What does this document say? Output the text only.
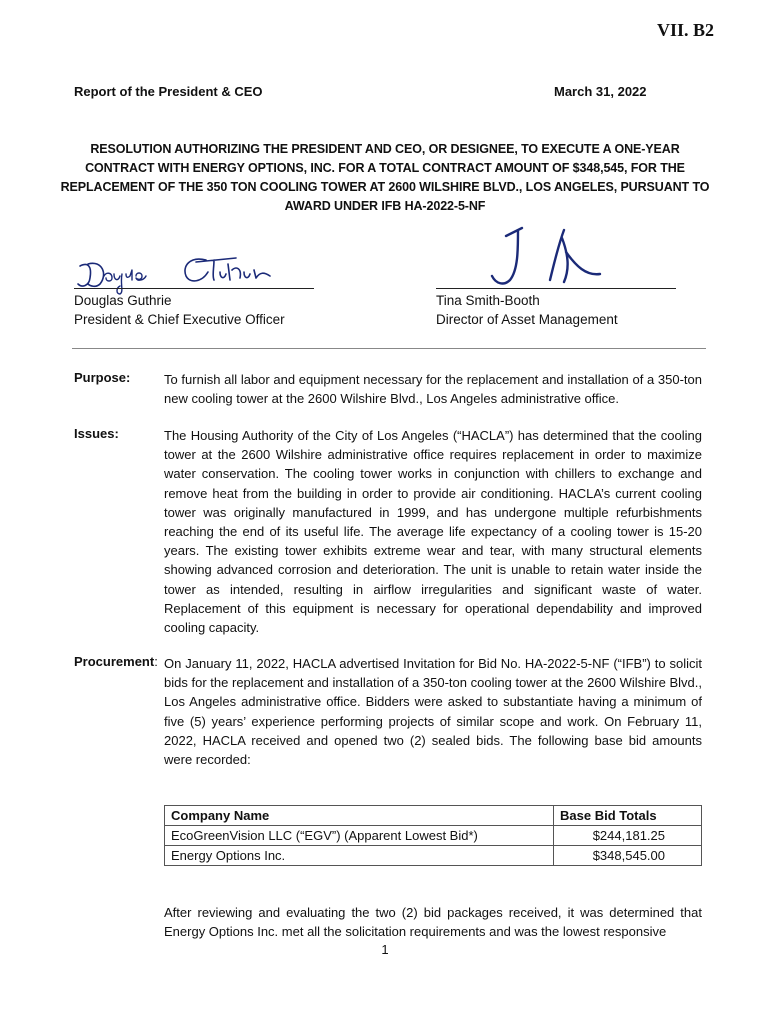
VII. B2
Report of the President & CEO	March 31, 2022
RESOLUTION AUTHORIZING THE PRESIDENT AND CEO, OR DESIGNEE, TO EXECUTE A ONE-YEAR CONTRACT WITH ENERGY OPTIONS, INC. FOR A TOTAL CONTRACT AMOUNT OF $348,545, FOR THE REPLACEMENT OF THE 350 TON COOLING TOWER AT 2600 WILSHIRE BLVD., LOS ANGELES, PURSUANT TO AWARD UNDER IFB HA-2022-5-NF
Douglas Guthrie
President & Chief Executive Officer
Tina Smith-Booth
Director of Asset Management
Purpose:	To furnish all labor and equipment necessary for the replacement and installation of a 350-ton new cooling tower at the 2600 Wilshire Blvd., Los Angeles administrative office.
Issues:	The Housing Authority of the City of Los Angeles (“HACLA”) has determined that the cooling tower at the 2600 Wilshire administrative office requires replacement in order to maximize water conservation. The cooling tower works in conjunction with chillers to exchange and remove heat from the building in order to provide air conditioning. HACLA’s current cooling tower was originally manufactured in 1999, and has undergone multiple refurbishments reaching the end of its useful life. The average life expectancy of a cooling tower is 15-20 years. The existing tower exhibits extreme wear and tear, with many structural elements showing advanced corrosion and deterioration. The unit is unable to retain water inside the tower as intended, resulting in airflow irregularities and significant waste of water. Replacement of this equipment is necessary for operational dependability and improved cooling capacity.
Procurement: On January 11, 2022, HACLA advertised Invitation for Bid No. HA-2022-5-NF (“IFB”) to solicit bids for the replacement and installation of a 350-ton cooling tower at the 2600 Wilshire Blvd., Los Angeles administrative office. Bidders were asked to substantiate having a minimum of five (5) years’ experience performing projects of similar scope and work. On February 11, 2022, HACLA received and opened two (2) sealed bids. The following base bid amounts were recorded:
Company Name	Base Bid Totals
EcoGreenVision LLC (“EGV”) (Apparent Lowest Bid*)	$244,181.25
Energy Options Inc.	$348,545.00
After reviewing and evaluating the two (2) bid packages received, it was determined that Energy Options Inc. met all the solicitation requirements and was the lowest responsive
1
